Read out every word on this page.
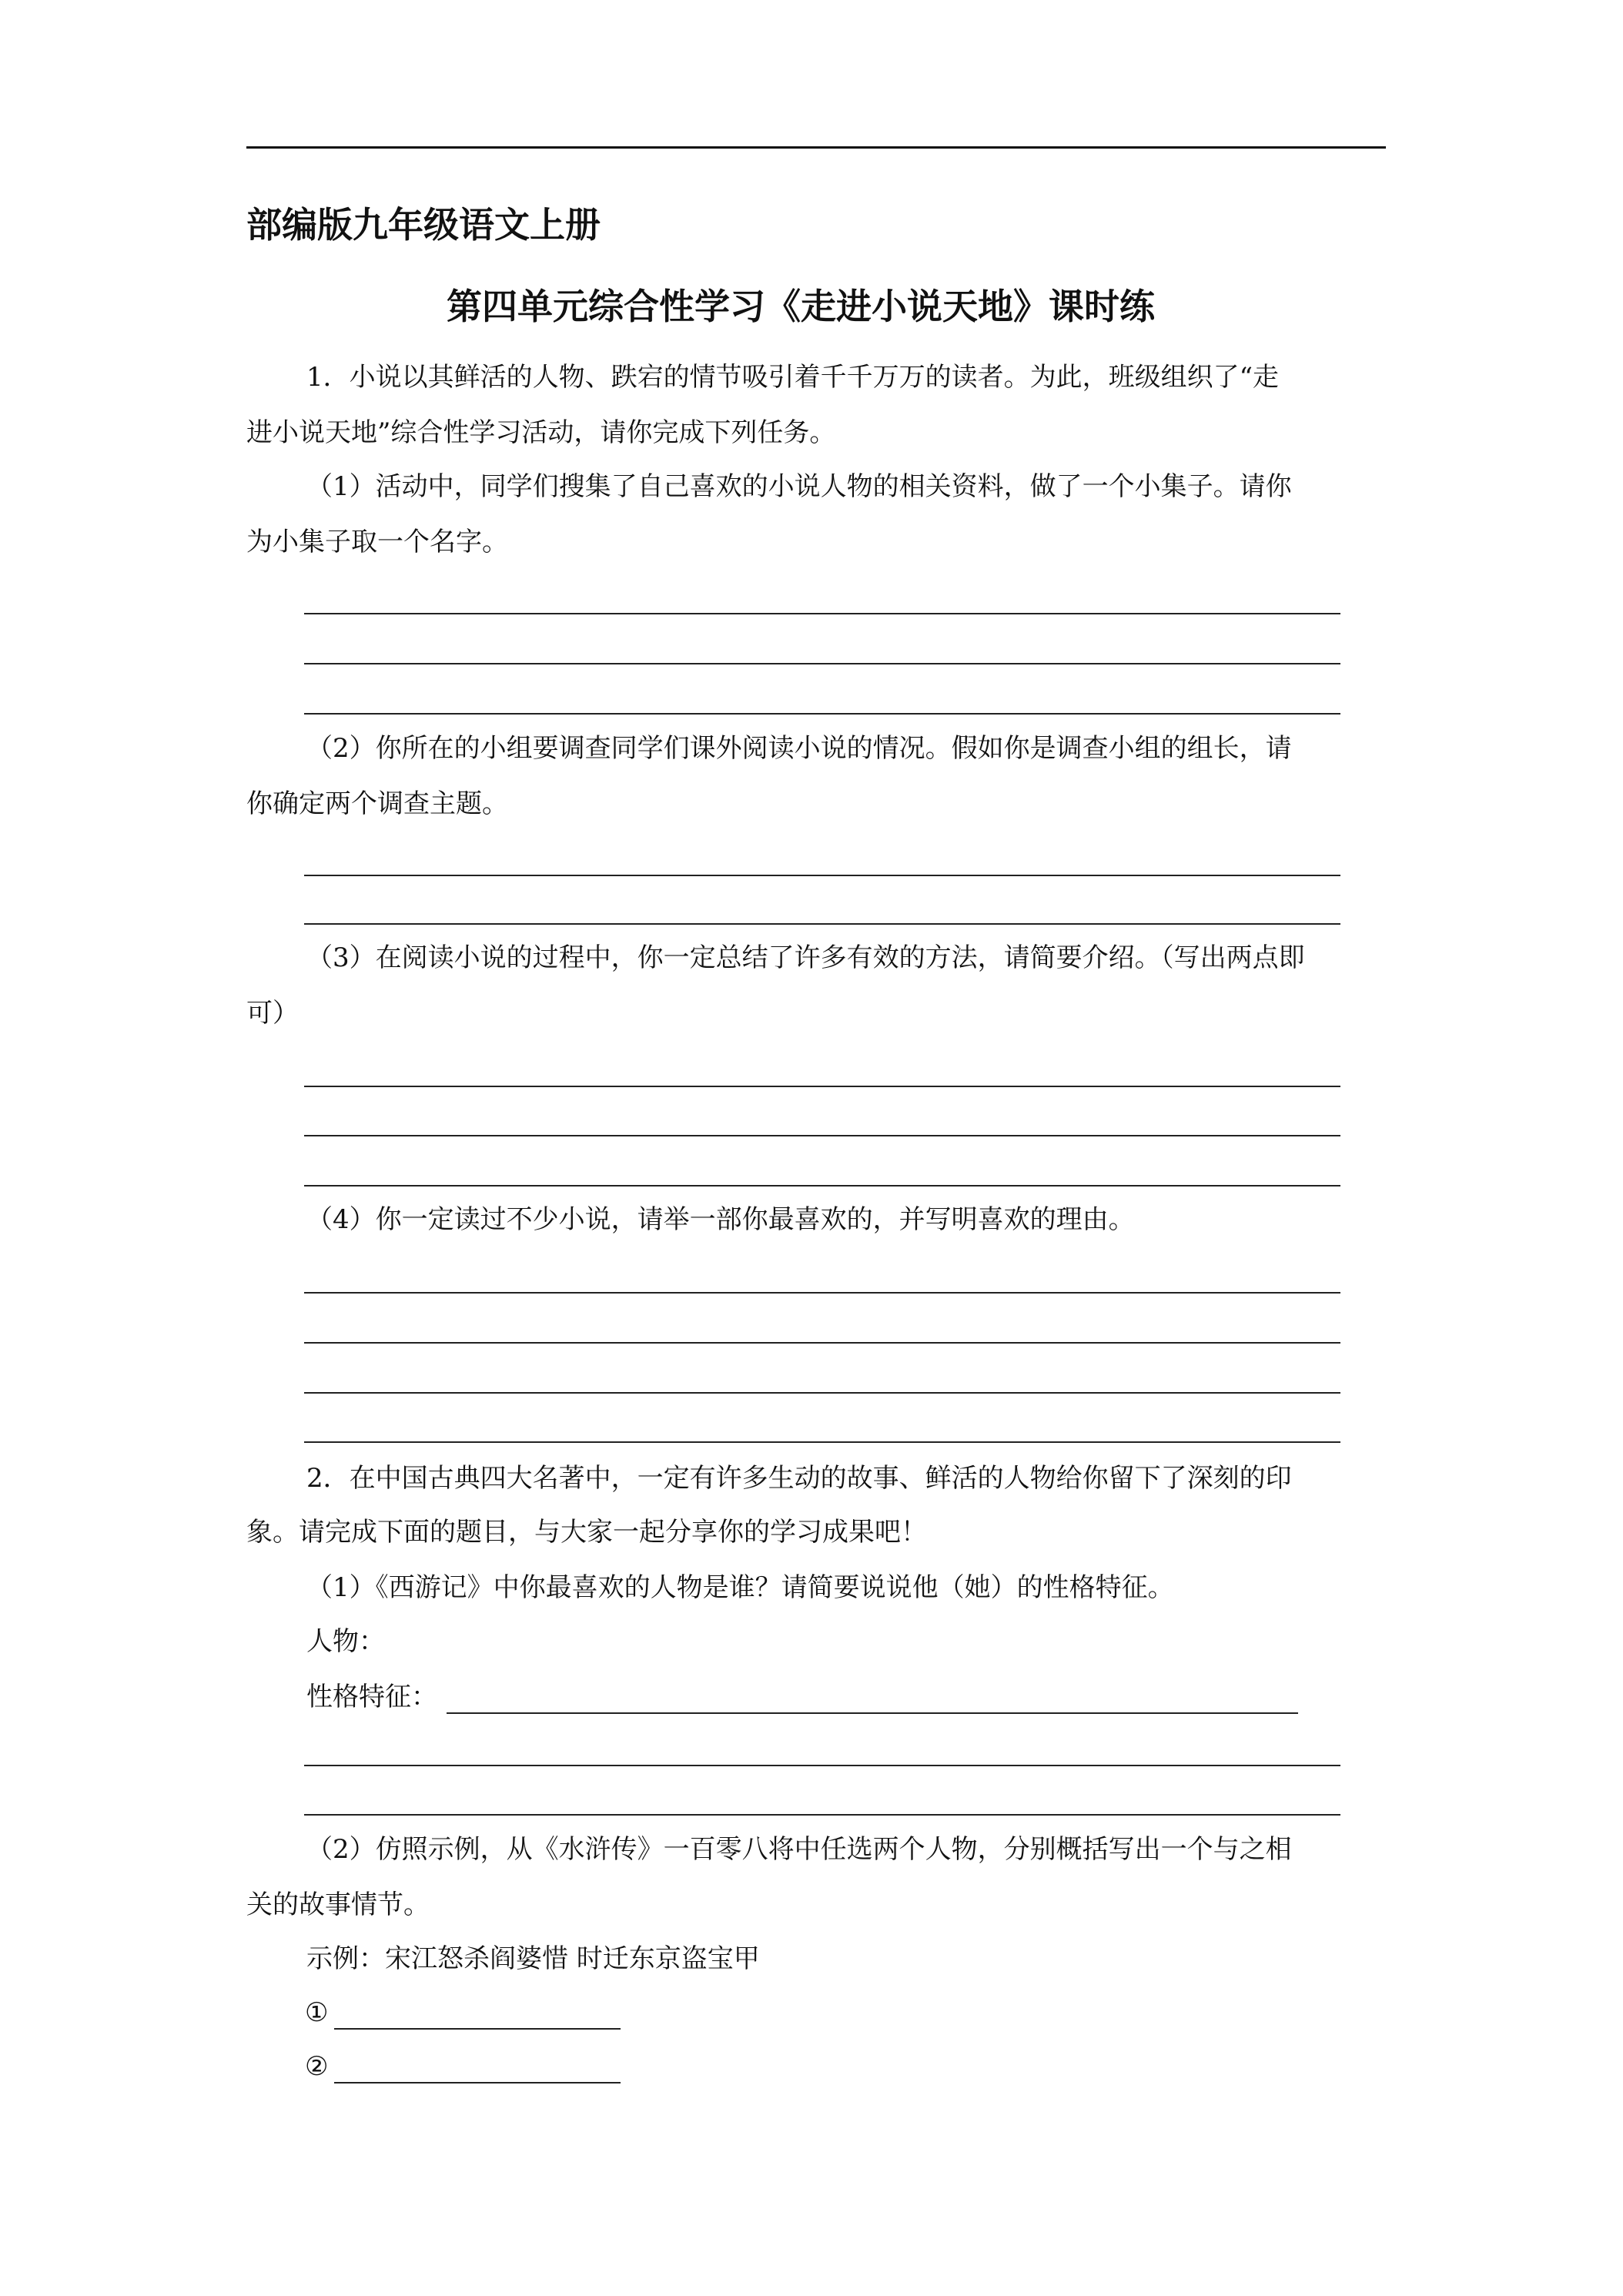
部编版九年级语文上册
第四单元综合性学习《走进小说天地》课时练
1．小说以其鲜活的人物、跌宕的情节吸引着千千万万的读者。为此，班级组织了“走
进小说天地”综合性学习活动，请你完成下列任务。
（1）活动中，同学们搜集了自己喜欢的小说人物的相关资料，做了一个小集子。请你
为小集子取一个名字。
（2）你所在的小组要调查同学们课外阅读小说的情况。假如你是调查小组的组长，请
你确定两个调查主题。
（3）在阅读小说的过程中，你一定总结了许多有效的方法，请简要介绍。（写出两点即
可）
（4）你一定读过不少小说，请举一部你最喜欢的，并写明喜欢的理由。
2．在中国古典四大名著中，一定有许多生动的故事、鲜活的人物给你留下了深刻的印
象。请完成下面的题目，与大家一起分享你的学习成果吧！
（1）《西游记》中你最喜欢的人物是谁？请简要说说他（她）的性格特征。
人物：
性格特征：
（2）仿照示例，从《水浒传》一百零八将中任选两个人物，分别概括写出一个与之相
关的故事情节。
示例：宋江怒杀阎婆惜 时迁东京盗宝甲
①
②
